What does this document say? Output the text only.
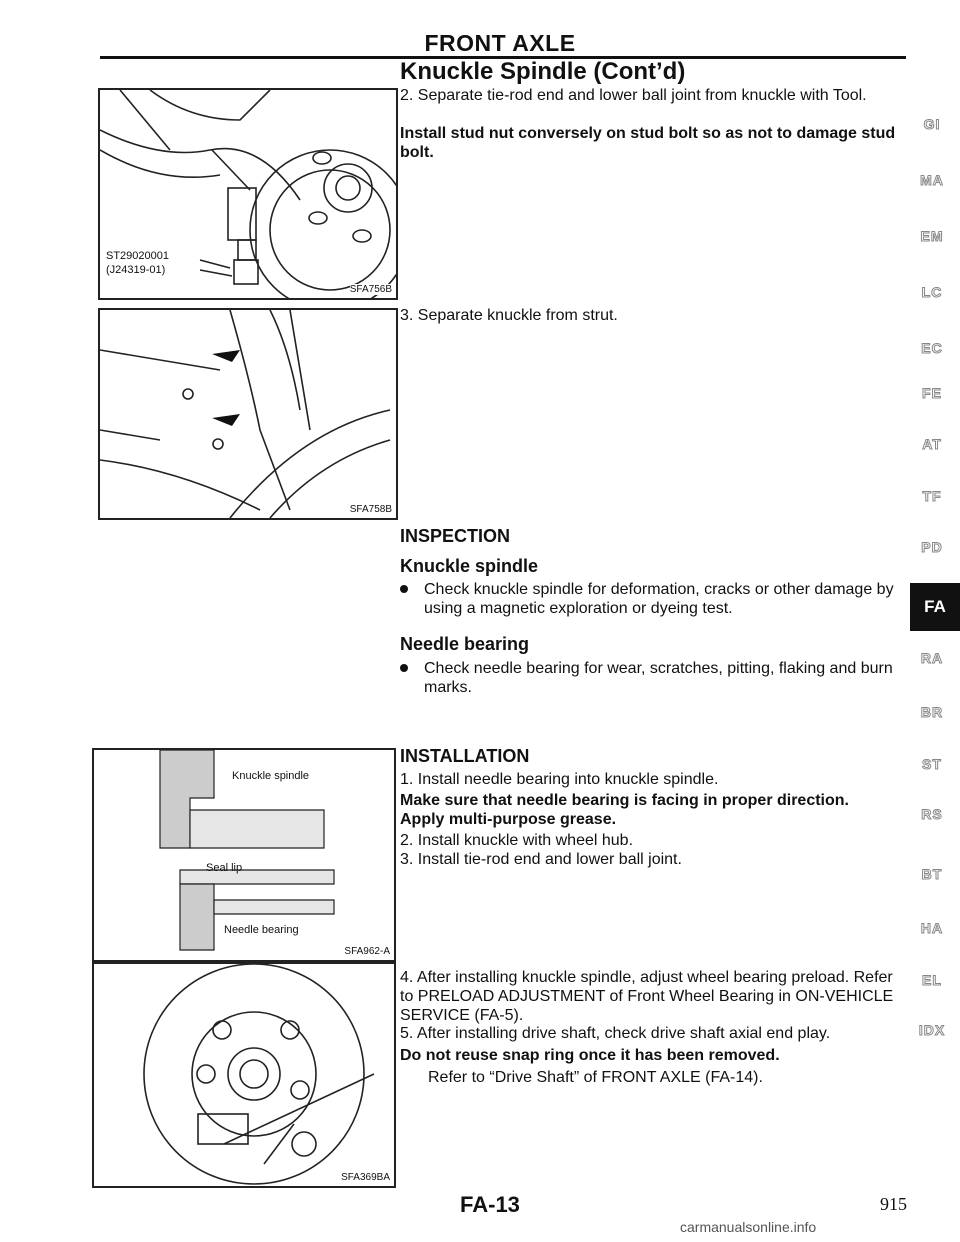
FRONT AXLE
Knuckle Spindle (Cont’d)
ST29020001
(J24319-01)
SFA756B
SFA758B
Knuckle spindle
Seal lip
Needle bearing
SFA962-A
SFA369BA
2. Separate tie-rod end and lower ball joint from knuckle with Tool.
Install stud nut conversely on stud bolt so as not to damage stud bolt.
3. Separate knuckle from strut.
INSPECTION
Knuckle spindle
Check knuckle spindle for deformation, cracks or other damage by using a magnetic exploration or dyeing test.
Needle bearing
Check needle bearing for wear, scratches, pitting, flaking and burn marks.
INSTALLATION
1. Install needle bearing into knuckle spindle.
Make sure that needle bearing is facing in proper direction.
Apply multi-purpose grease.
2. Install knuckle with wheel hub.
3. Install tie-rod end and lower ball joint.
4. After installing knuckle spindle, adjust wheel bearing preload. Refer to PRELOAD ADJUSTMENT of Front Wheel Bearing in ON-VEHICLE SERVICE (FA-5).
5. After installing drive shaft, check drive shaft axial end play.
Do not reuse snap ring once it has been removed.
Refer to “Drive Shaft” of FRONT AXLE (FA-14).
GI
MA
EM
LC
EC
FE
AT
TF
PD
FA
RA
BR
ST
RS
BT
HA
EL
IDX
FA-13	915
carmanualsonline.info
